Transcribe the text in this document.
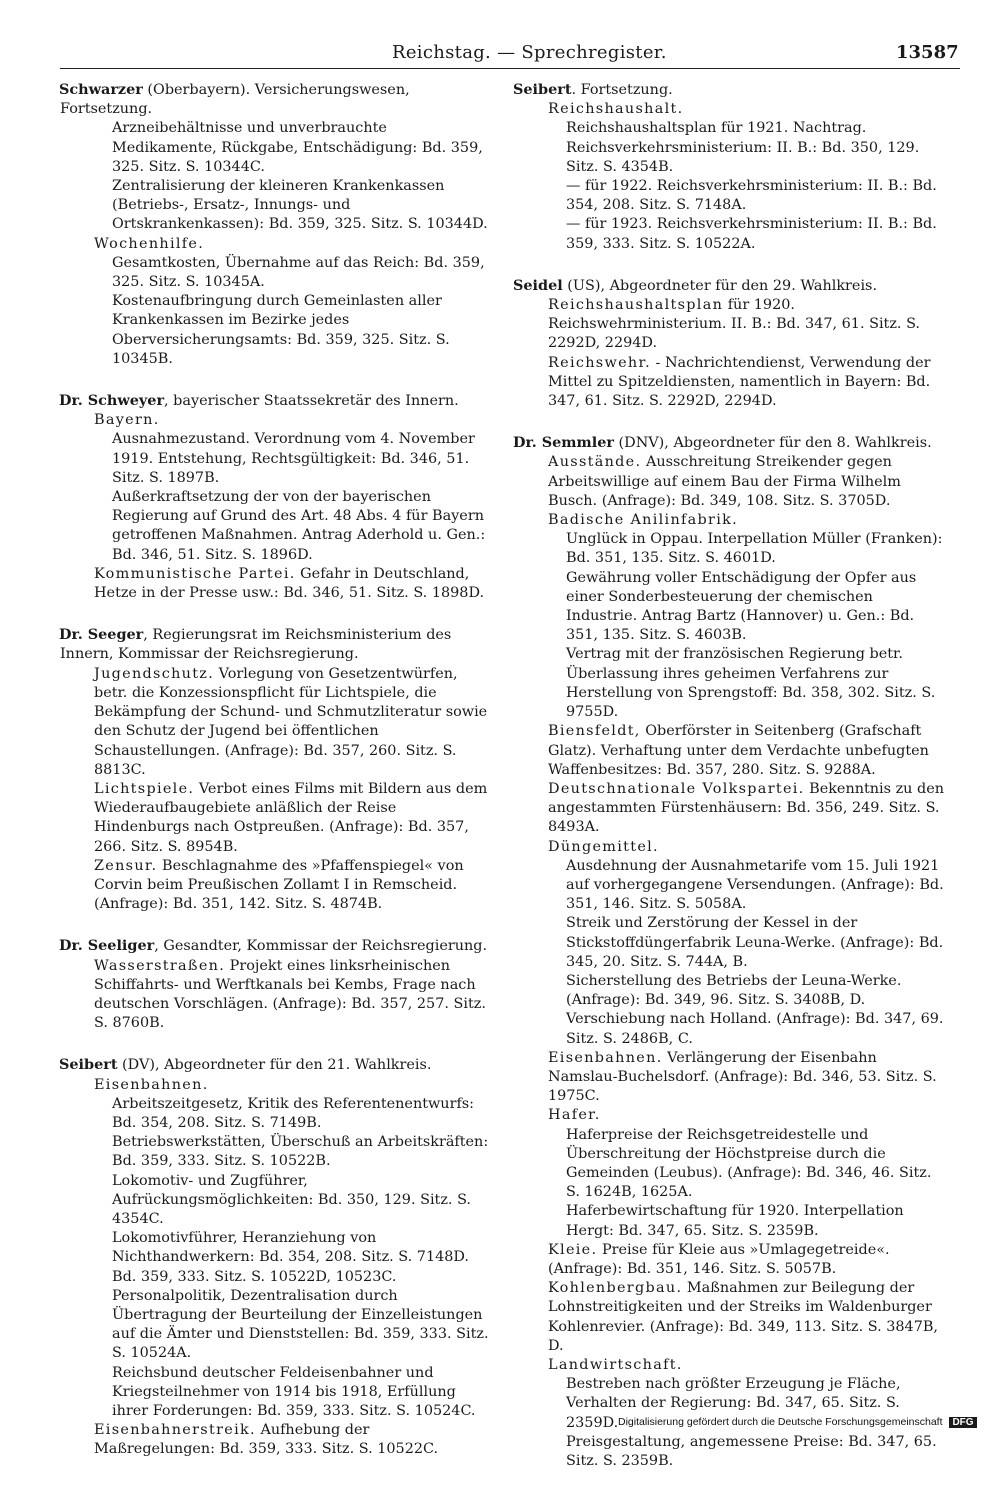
Reichstag. — Sprechregister.	13587
Schwarzer (Oberbayern). Versicherungswesen, Fortsetzung.
Arzneibehältnisse und unverbrauchte Medikamente, Rückgabe, Entschädigung: Bd. 359, 325. Sitz. S. 10344C.
Zentralisierung der kleineren Krankenkassen (Betriebs-, Ersatz-, Innungs- und Ortskrankenkassen): Bd. 359, 325. Sitz. S. 10344D.
Wochenhilfe.
Gesamtkosten, Übernahme auf das Reich: Bd. 359, 325. Sitz. S. 10345A.
Kostenaufbringung durch Gemeinlasten aller Krankenkassen im Bezirke jedes Oberversicherungsamts: Bd. 359, 325. Sitz. S. 10345B.
Dr. Schweyer, bayerischer Staatssekretär des Innern.
Bayern.
Ausnahmezustand. Verordnung vom 4. November 1919. Entstehung, Rechtsgültigkeit: Bd. 346, 51. Sitz. S. 1897B.
Außerkraftsetzung der von der bayerischen Regierung auf Grund des Art. 48 Abs. 4 für Bayern getroffenen Maßnahmen. Antrag Aderhold u. Gen.: Bd. 346, 51. Sitz. S. 1896D.
Kommunistische Partei. Gefahr in Deutschland, Hetze in der Presse usw.: Bd. 346, 51. Sitz. S. 1898D.
Dr. Seeger, Regierungsrat im Reichsministerium des Innern, Kommissar der Reichsregierung.
Jugendschutz. Vorlegung von Gesetzentwürfen, betr. die Konzessionspflicht für Lichtspiele, die Bekämpfung der Schund- und Schmutzliteratur sowie den Schutz der Jugend bei öffentlichen Schaustellungen. (Anfrage): Bd. 357, 260. Sitz. S. 8813C.
Lichtspiele. Verbot eines Films mit Bildern aus dem Wiederaufbaugebiete anläßlich der Reise Hindenburgs nach Ostpreußen. (Anfrage): Bd. 357, 266. Sitz. S. 8954B.
Zensur. Beschlagnahme des »Pfaffenspiegel« von Corvin beim Preußischen Zollamt I in Remscheid. (Anfrage): Bd. 351, 142. Sitz. S. 4874B.
Dr. Seeliger, Gesandter, Kommissar der Reichsregierung.
Wasserstraßen. Projekt eines linksrheinischen Schiffahrts- und Werftkanals bei Kembs, Frage nach deutschen Vorschlägen. (Anfrage): Bd. 357, 257. Sitz. S. 8760B.
Seibert (DV), Abgeordneter für den 21. Wahlkreis.
Eisenbahnen.
Arbeitszeitgesetz, Kritik des Referentenentwurfs: Bd. 354, 208. Sitz. S. 7149B.
Betriebswerkstätten, Überschuß an Arbeitskräften: Bd. 359, 333. Sitz. S. 10522B.
Lokomotiv- und Zugführer, Aufrückungsmöglichkeiten: Bd. 350, 129. Sitz. S. 4354C.
Lokomotivführer, Heranziehung von Nichthandwerkern: Bd. 354, 208. Sitz. S. 7148D. Bd. 359, 333. Sitz. S. 10522D, 10523C.
Personalpolitik, Dezentralisation durch Übertragung der Beurteilung der Einzelleistungen auf die Ämter und Dienststellen: Bd. 359, 333. Sitz. S. 10524A.
Reichsbund deutscher Feldeisenbahner und Kriegsteilnehmer von 1914 bis 1918, Erfüllung ihrer Forderungen: Bd. 359, 333. Sitz. S. 10524C.
Eisenbahnerstreik. Aufhebung der Maßregelungen: Bd. 359, 333. Sitz. S. 10522C.
Seibert. Fortsetzung.
Reichshaushalt.
Reichshaushaltsplan für 1921. Nachtrag. Reichsverkehrsministerium: II. B.: Bd. 350, 129. Sitz. S. 4354B.
— für 1922. Reichsverkehrsministerium: II. B.: Bd. 354, 208. Sitz. S. 7148A.
— für 1923. Reichsverkehrsministerium: II. B.: Bd. 359, 333. Sitz. S. 10522A.
Seidel (US), Abgeordneter für den 29. Wahlkreis.
Reichshaushaltsplan für 1920. Reichswehrministerium. II. B.: Bd. 347, 61. Sitz. S. 2292D, 2294D.
Reichswehr. - Nachrichtendienst, Verwendung der Mittel zu Spitzeldiensten, namentlich in Bayern: Bd. 347, 61. Sitz. S. 2292D, 2294D.
Dr. Semmler (DNV), Abgeordneter für den 8. Wahlkreis.
Ausstände. Ausschreitung Streikender gegen Arbeitswillige auf einem Bau der Firma Wilhelm Busch. (Anfrage): Bd. 349, 108. Sitz. S. 3705D.
Badische Anilinfabrik.
Unglück in Oppau. Interpellation Müller (Franken): Bd. 351, 135. Sitz. S. 4601D.
Gewährung voller Entschädigung der Opfer aus einer Sonderbesteuerung der chemischen Industrie. Antrag Bartz (Hannover) u. Gen.: Bd. 351, 135. Sitz. S. 4603B.
Vertrag mit der französischen Regierung betr. Überlassung ihres geheimen Verfahrens zur Herstellung von Sprengstoff: Bd. 358, 302. Sitz. S. 9755D.
Biensfeldt, Oberförster in Seitenberg (Grafschaft Glatz). Verhaftung unter dem Verdachte unbefugten Waffenbesitzes: Bd. 357, 280. Sitz. S. 9288A.
Deutschnationale Volkspartei. Bekenntnis zu den angestammten Fürstenhäusern: Bd. 356, 249. Sitz. S. 8493A.
Düngemittel.
Ausdehnung der Ausnahmetarife vom 15. Juli 1921 auf vorhergegangene Versendungen. (Anfrage): Bd. 351, 146. Sitz. S. 5058A.
Streik und Zerstörung der Kessel in der Stickstoffdüngerfabrik Leuna-Werke. (Anfrage): Bd. 345, 20. Sitz. S. 744A, B.
Sicherstellung des Betriebs der Leuna-Werke. (Anfrage): Bd. 349, 96. Sitz. S. 3408B, D.
Verschiebung nach Holland. (Anfrage): Bd. 347, 69. Sitz. S. 2486B, C.
Eisenbahnen. Verlängerung der Eisenbahn Namslau-Buchelsdorf. (Anfrage): Bd. 346, 53. Sitz. S. 1975C.
Hafer.
Haferpreise der Reichsgetreidestelle und Überschreitung der Höchstpreise durch die Gemeinden (Leubus). (Anfrage): Bd. 346, 46. Sitz. S. 1624B, 1625A.
Haferbewirtschaftung für 1920. Interpellation Hergt: Bd. 347, 65. Sitz. S. 2359B.
Kleie. Preise für Kleie aus »Umlagegetreide«. (Anfrage): Bd. 351, 146. Sitz. S. 5057B.
Kohlenbergbau. Maßnahmen zur Beilegung der Lohnstreitigkeiten und der Streiks im Waldenburger Kohlenrevier. (Anfrage): Bd. 349, 113. Sitz. S. 3847B, D.
Landwirtschaft.
Bestreben nach größter Erzeugung je Fläche, Verhalten der Regierung: Bd. 347, 65. Sitz. S. 2359D.
Preisgestaltung, angemessene Preise: Bd. 347, 65. Sitz. S. 2359B.
Digitalisierung gefördert durch die Deutsche Forschungsgemeinschaft DFG
